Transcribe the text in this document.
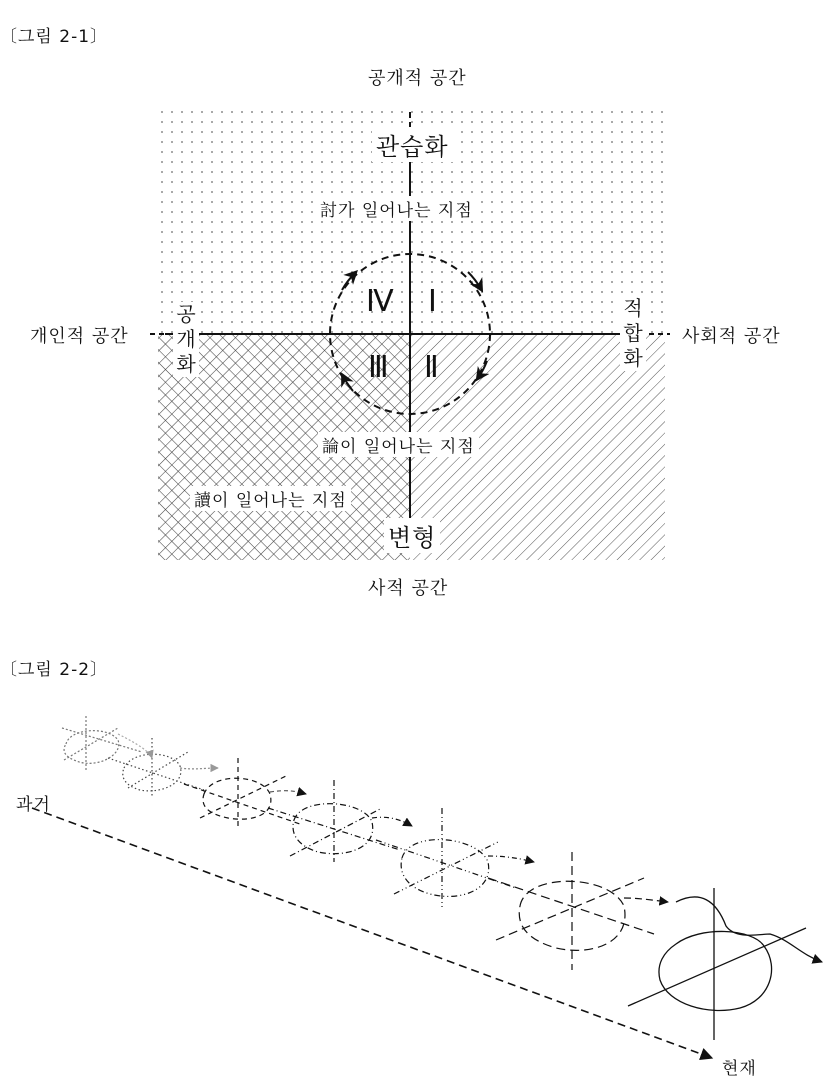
〔그림 2-1〕
공개적 공간
사적 공간
개인적 공간	사회적 공간
관습화
변형
공개화
적합화
Ⅰ
Ⅱ
Ⅲ
Ⅳ
討가 일어나는 지점
論이 일어나는 지점
讀이 일어나는 지점
〔그림 2-2〕
과거
현재
